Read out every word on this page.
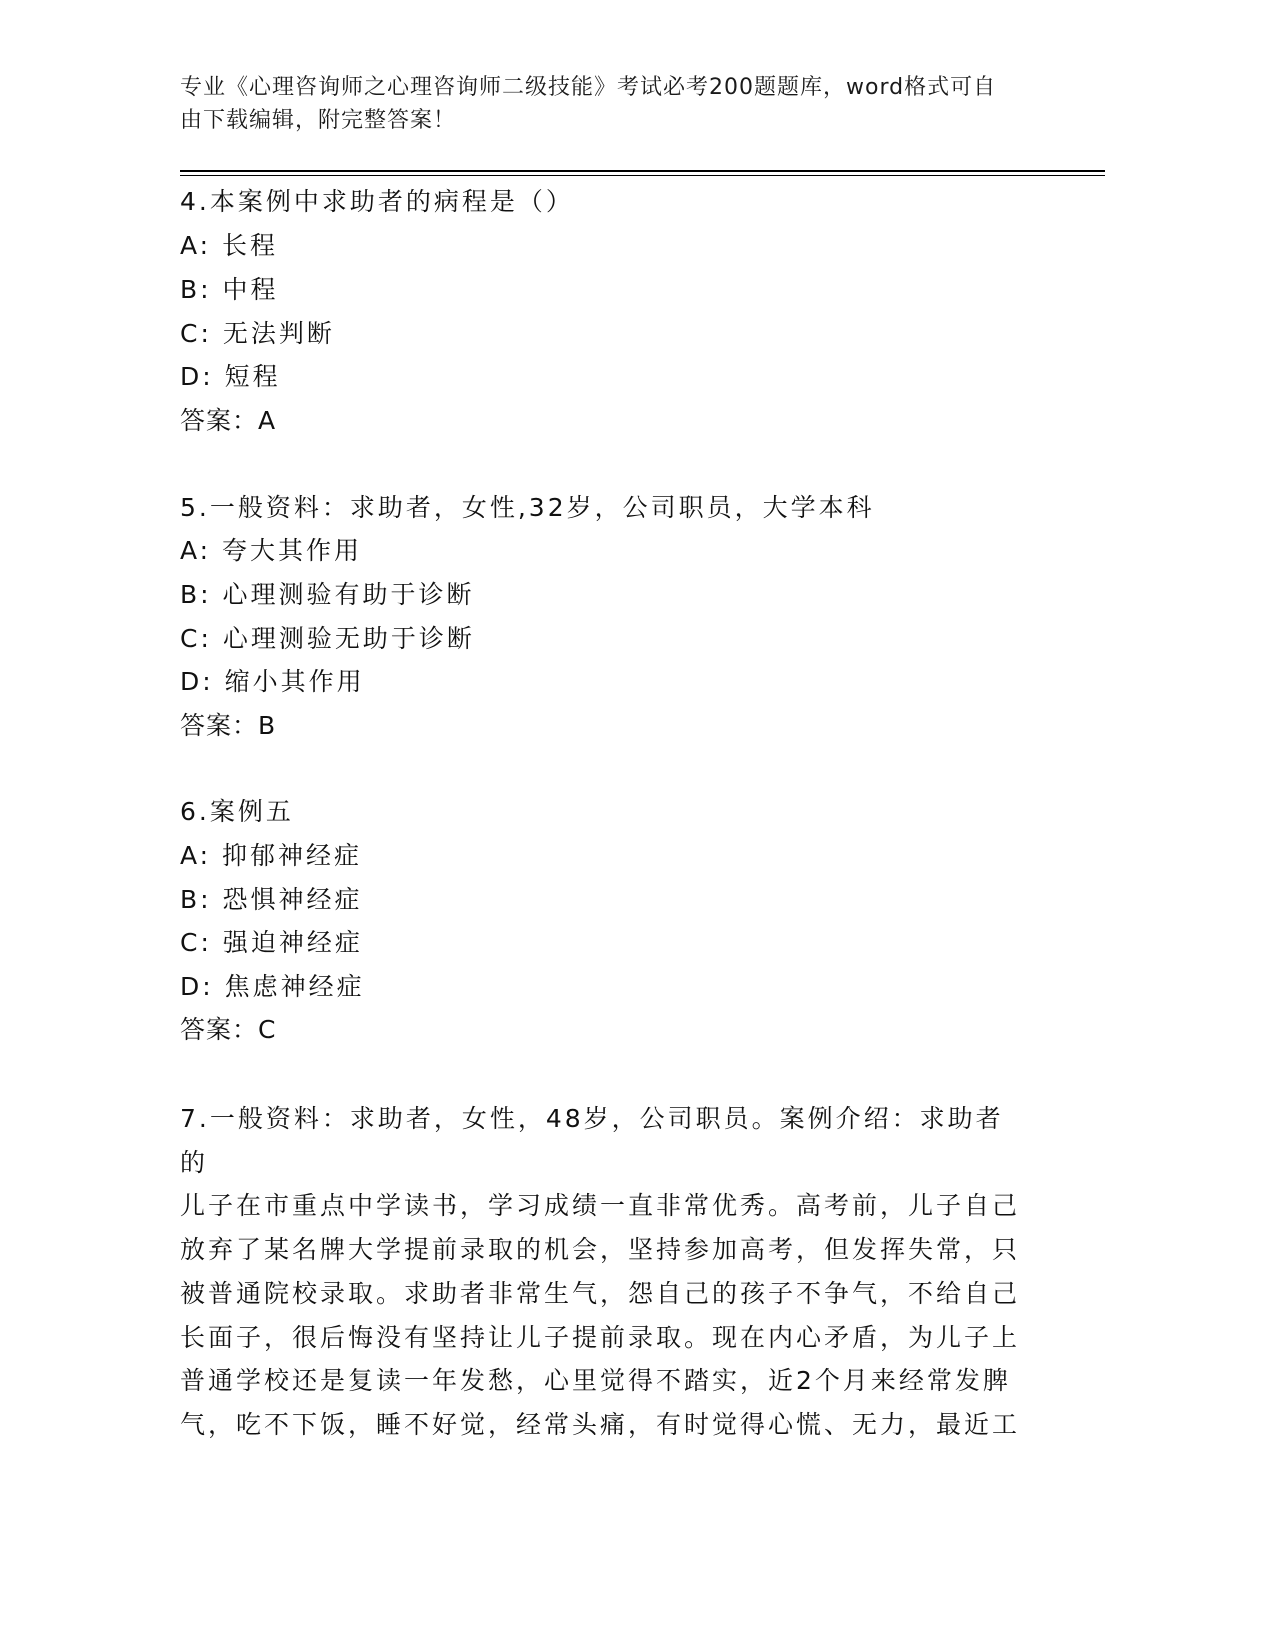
专业《心理咨询师之心理咨询师二级技能》考试必考200题题库，word格式可自
由下载编辑，附完整答案！
4.本案例中求助者的病程是（）
A: 长程
B: 中程
C: 无法判断
D: 短程
答案：A
5.一般资料：求助者，女性,32岁，公司职员，大学本科
A: 夸大其作用
B: 心理测验有助于诊断
C: 心理测验无助于诊断
D: 缩小其作用
答案：B
6.案例五
A: 抑郁神经症
B: 恐惧神经症
C: 强迫神经症
D: 焦虑神经症
答案：C
7.一般资料：求助者，女性，48岁，公司职员。案例介绍：求助者的
儿子在市重点中学读书，学习成绩一直非常优秀。高考前，儿子自己
放弃了某名牌大学提前录取的机会，坚持参加高考，但发挥失常，只
被普通院校录取。求助者非常生气，怨自己的孩子不争气，不给自己
长面子，很后悔没有坚持让儿子提前录取。现在内心矛盾，为儿子上
普通学校还是复读一年发愁，心里觉得不踏实，近2个月来经常发脾
气，吃不下饭，睡不好觉，经常头痛，有时觉得心慌、无力，最近工
